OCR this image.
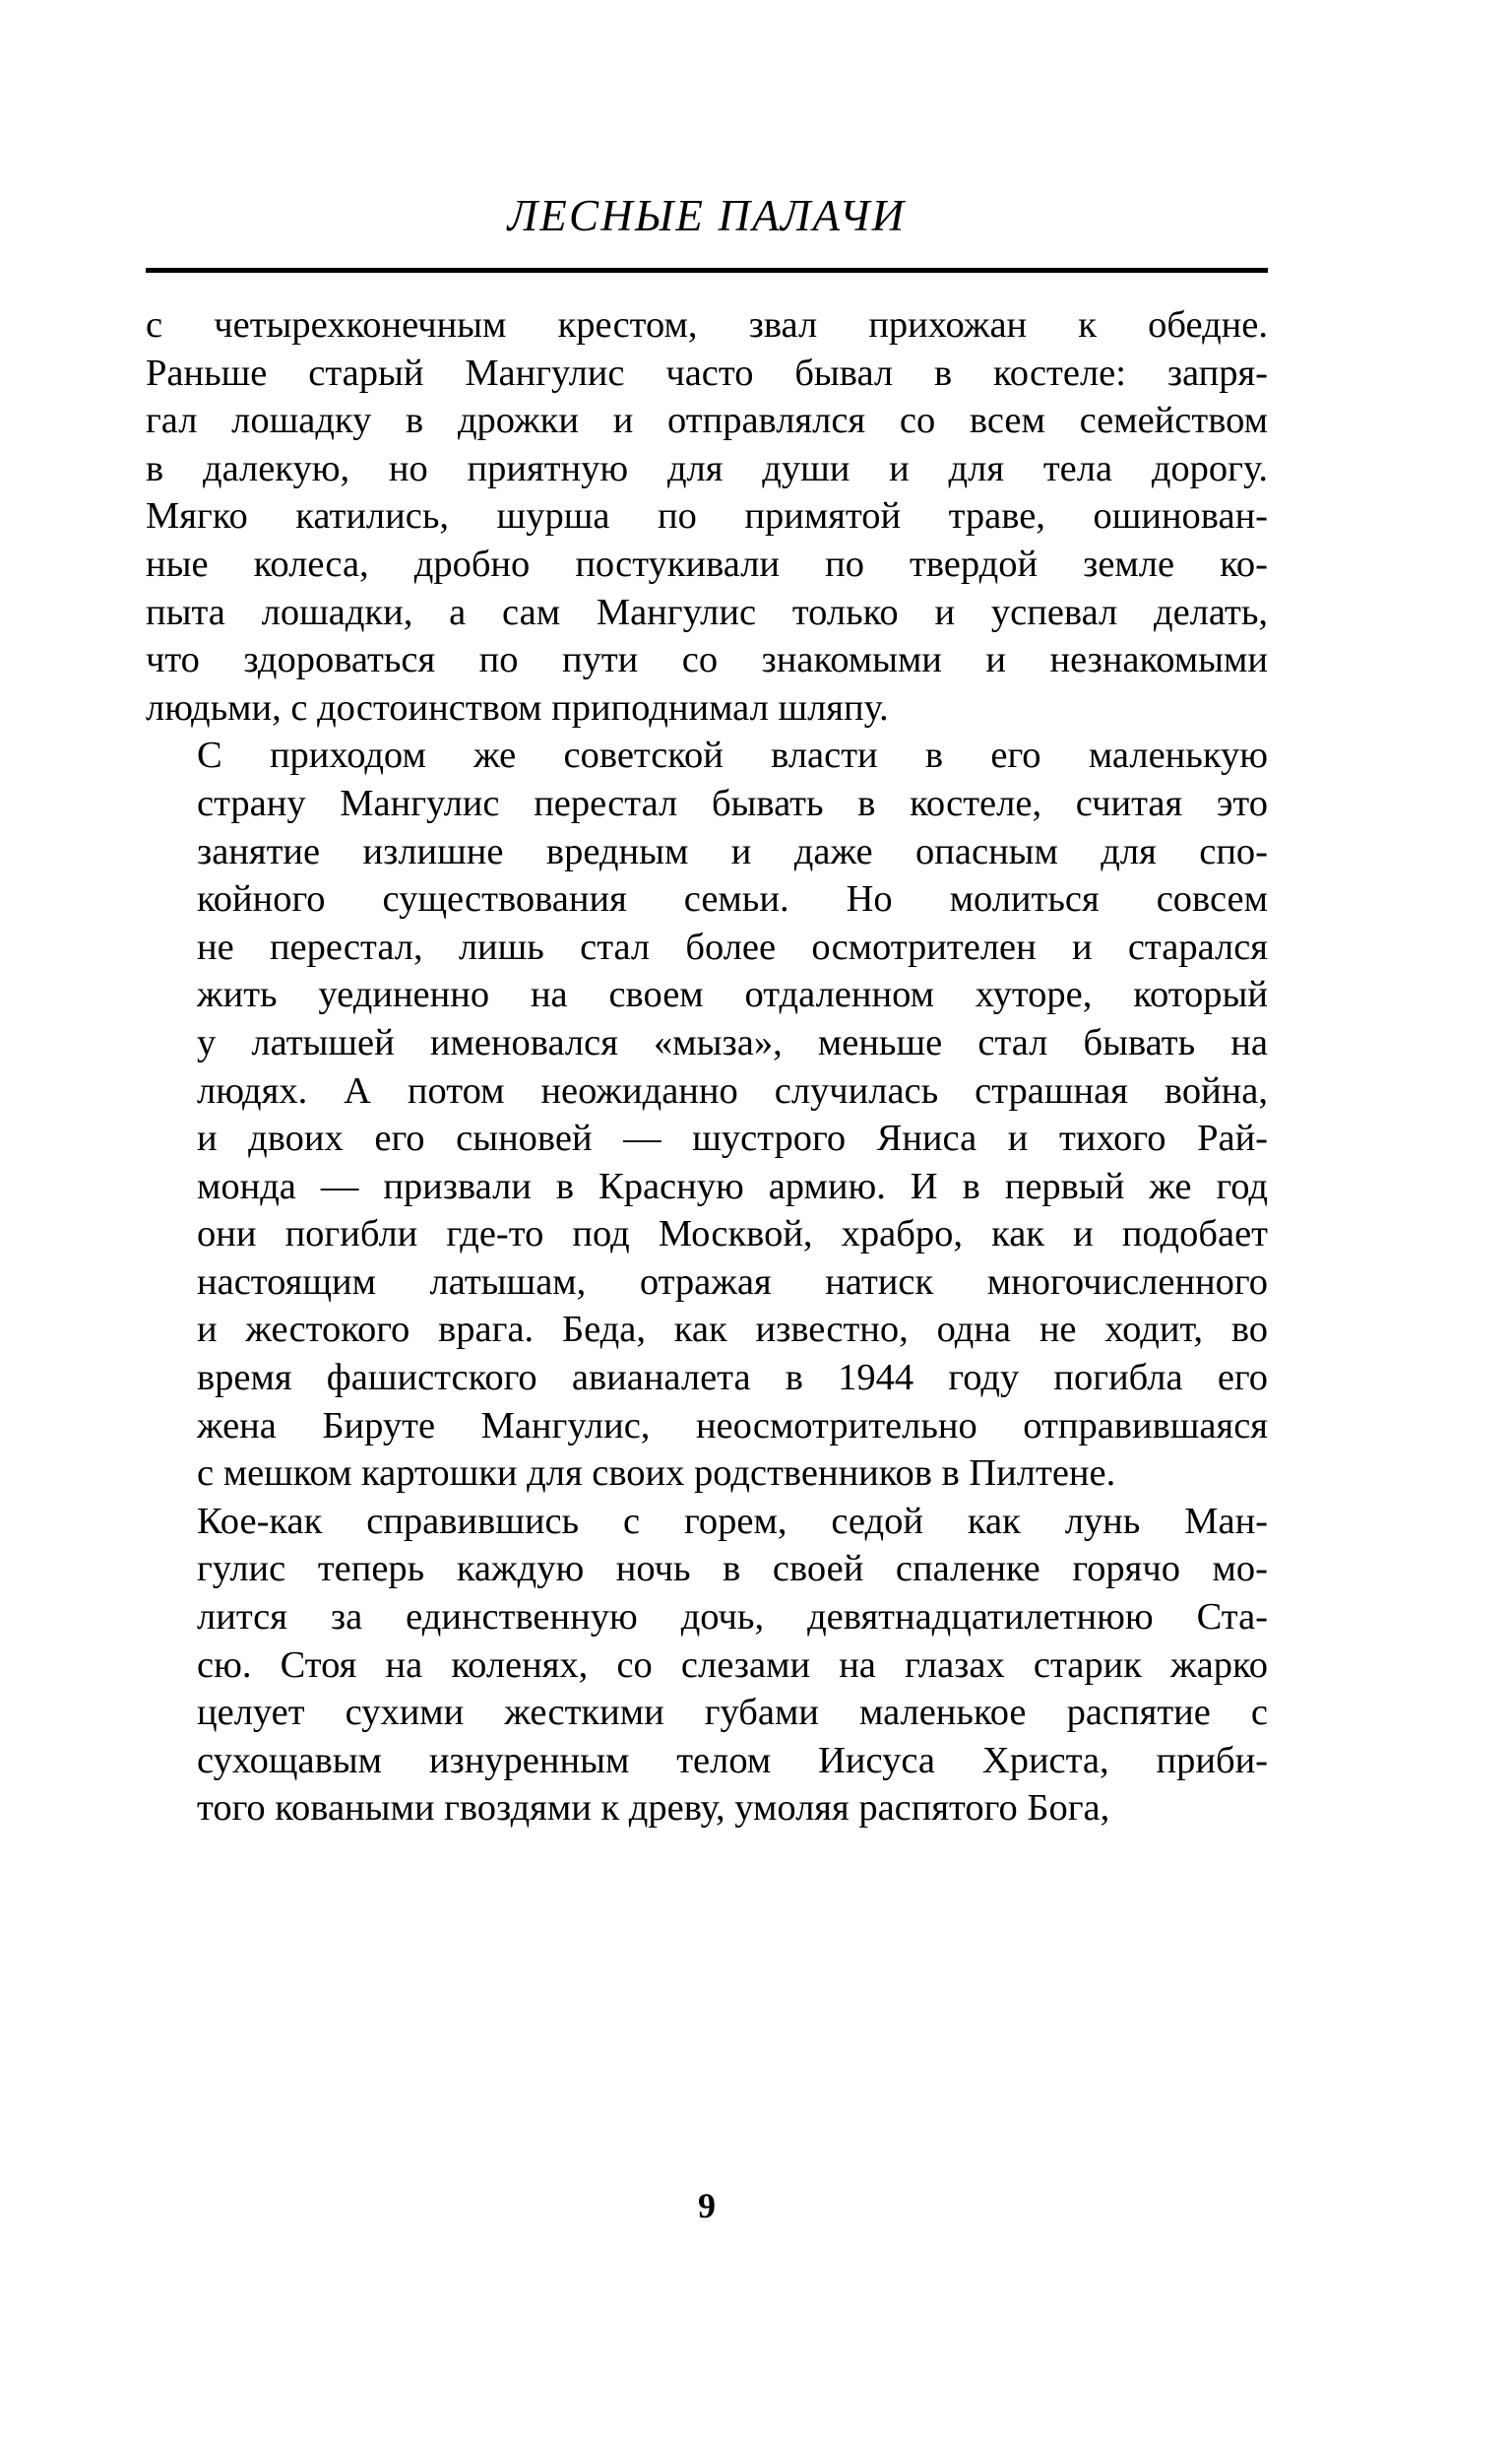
ЛЕСНЫЕ ПАЛАЧИ

с  четырехконечным  крестом,  звал  прихожан  к  обедне.
Раньше старый Мангулис часто бывал в костеле: запря-
гал лошадку в дрожки и отправлялся со всем семейством
в  далекую,  но  приятную  для  души  и  для  тела  дорогу.
Мягко катились, шурша по примятой траве, ошинован-
ные колеса, дробно постукивали по твердой земле ко-
пыта лошадки, а сам Мангулис только и успевал делать,
что  здороваться  по  пути  со  знакомыми  и  незнакомыми
людьми, с достоинством приподнимал шляпу.

С  приходом  же  советской  власти  в  его  маленькую
страну Мангулис перестал бывать в костеле, считая это
занятие  излишне  вредным  и  даже  опасным  для  спо-
койного  существования  семьи.  Но  молиться  совсем
не перестал, лишь стал более осмотрителен и старался
жить уединенно на своем отдаленном хуторе, который
у латышей именовался «мыза», меньше стал бывать на
людях. А потом неожиданно случилась страшная война,
и двоих его сыновей — шустрого Яниса и тихого Рай-
монда — призвали в Красную армию. И в первый же год
они погибли где-то под Москвой, храбро, как и подобает
настоящим латышам, отражая натиск многочисленного
и  жестокого  врага.  Беда,  как  известно,  одна  не  ходит,  во
время фашистского авианалета в 1944 году погибла его
жена Бируте Мангулис, неосмотрительно отправившаяся
с мешком картошки для своих родственников в Пилтене.

Кое-как справившись с горем, седой как лунь Ман-
гулис теперь каждую ночь в своей спаленке горячо мо-
лится за единственную дочь, девятнадцатилетнюю Ста-
сю. Стоя на коленях, со слезами на глазах старик жарко
целует сухими жесткими губами маленькое распятие с
сухощавым  изнуренным  телом  Иисуса  Христа,  приби-
того коваными гвоздями к древу, умоляя распятого Бога,

9
